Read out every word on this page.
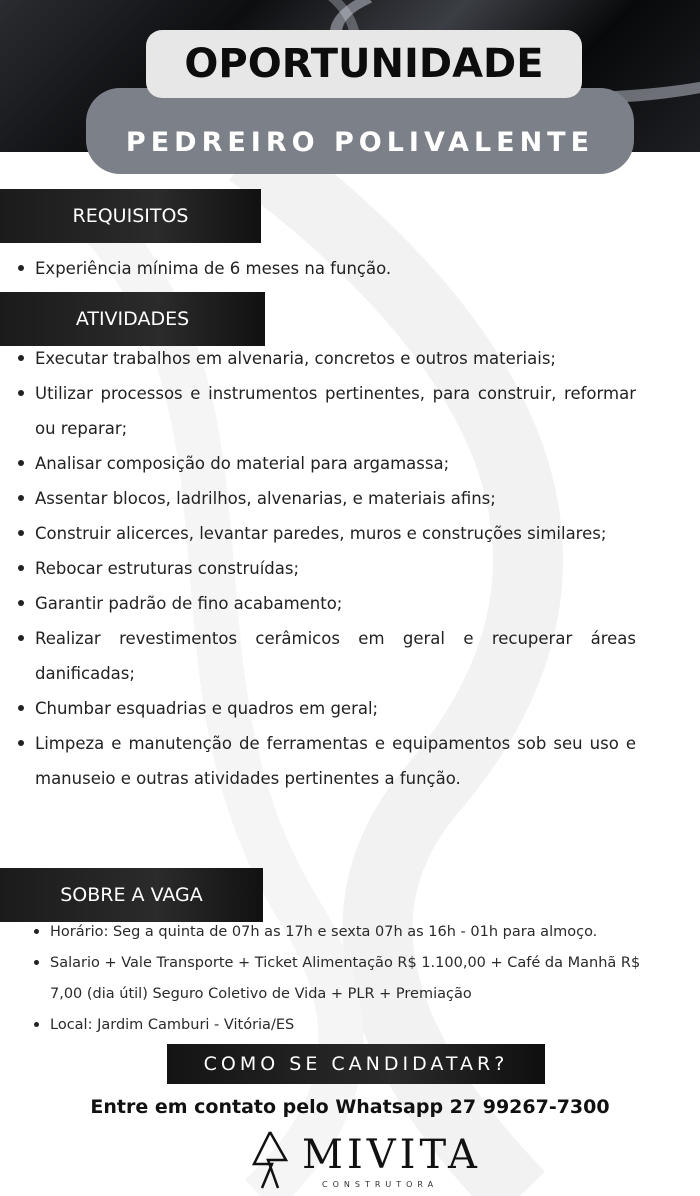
PEDREIRO POLIVALENTE
OPORTUNIDADE
REQUISITOS
Experiência mínima de 6 meses na função.
ATIVIDADES
Executar trabalhos em alvenaria, concretos e outros materiais;
Utilizar processos e instrumentos pertinentes, para construir, reformar ou reparar;
Analisar composição do material para argamassa;
Assentar blocos, ladrilhos, alvenarias, e materiais afins;
Construir alicerces, levantar paredes, muros e construções similares;
Rebocar estruturas construídas;
Garantir padrão de fino acabamento;
Realizar revestimentos cerâmicos em geral e recuperar áreas danificadas;
Chumbar esquadrias e quadros em geral;
Limpeza e manutenção de ferramentas e equipamentos sob seu uso e manuseio e outras atividades pertinentes a função.
SOBRE A VAGA
Horário: Seg a quinta de 07h as 17h e sexta 07h as 16h - 01h para almoço.
Salario + Vale Transporte + Ticket Alimentação R$ 1.100,00 + Café da Manhã R$ 7,00 (dia útil) Seguro Coletivo de Vida + PLR + Premiação
Local: Jardim Camburi - Vitória/ES
COMO SE CANDIDATAR?
Entre em contato pelo Whatsapp 27 99267-7300
MIVITA
CONSTRUTORA
